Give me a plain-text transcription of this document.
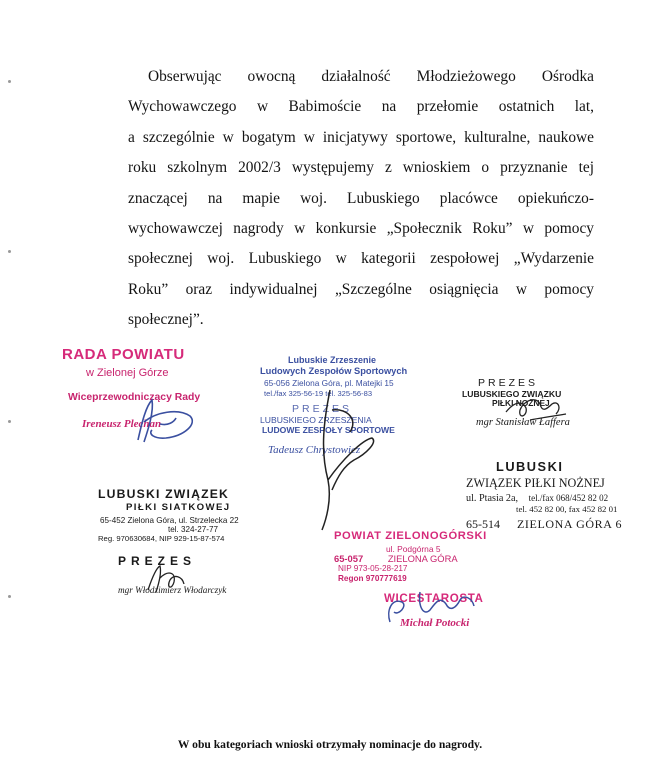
Obserwując owocną działalność Młodzieżowego Ośrodka
Wychowawczego w Babimoście na przełomie ostatnich lat,
a szczególnie w bogatym w inicjatywy sportowe, kulturalne, naukowe
roku szkolnym 2002/3 występujemy z wnioskiem o przyznanie tej
znaczącej na mapie woj. Lubuskiego placówce opiekuńczo-
wychowawczej nagrody w konkursie „Społecznik Roku” w pomocy
społecznej woj. Lubuskiego w kategorii zespołowej „Wydarzenie
Roku” oraz indywidualnej „Szczególne osiągnięcia w pomocy
społecznej”.
RADA POWIATU
w Zielonej Górze
Wiceprzewodniczący Rady
Ireneusz Plechan
Lubuskie Zrzeszenie
Ludowych Zespołów Sportowych
65-056 Zielona Góra, pl. Matejki 15
tel./fax 325-56-19 tel. 325-56-83
PREZES
LUBUSKIEGO ZRZESZENIA
LUDOWE ZESPOŁY SPORTOWE
Tadeusz Chrystowicz
PREZES
LUBUSKIEGO ZWIĄZKU
PIŁKI NOŻNEJ
mgr Stanisław Łaffera
LUBUSKI
ZWIĄZEK PIŁKI NOŻNEJ
ul. Ptasia 2a, tel./fax 068/452 82 02
tel. 452 82 00, fax 452 82 01
65-514 ZIELONA GÓRA 6
LUBUSKI ZWIĄZEK
PIŁKI SIATKOWEJ
65-452 Zielona Góra, ul. Strzelecka 22
tel. 324-27-77
Reg. 970630684, NIP 929-15-87-574
PREZES
mgr Włodzimierz Włodarczyk
POWIAT ZIELONOGÓRSKI
ul. Podgórna 5
65-057	ZIELONA GÓRA
NIP 973-05-28-217
Regon 970777619
WICESTAROSTA
Michał Potocki
W obu kategoriach wnioski otrzymały nominacje do nagrody.
